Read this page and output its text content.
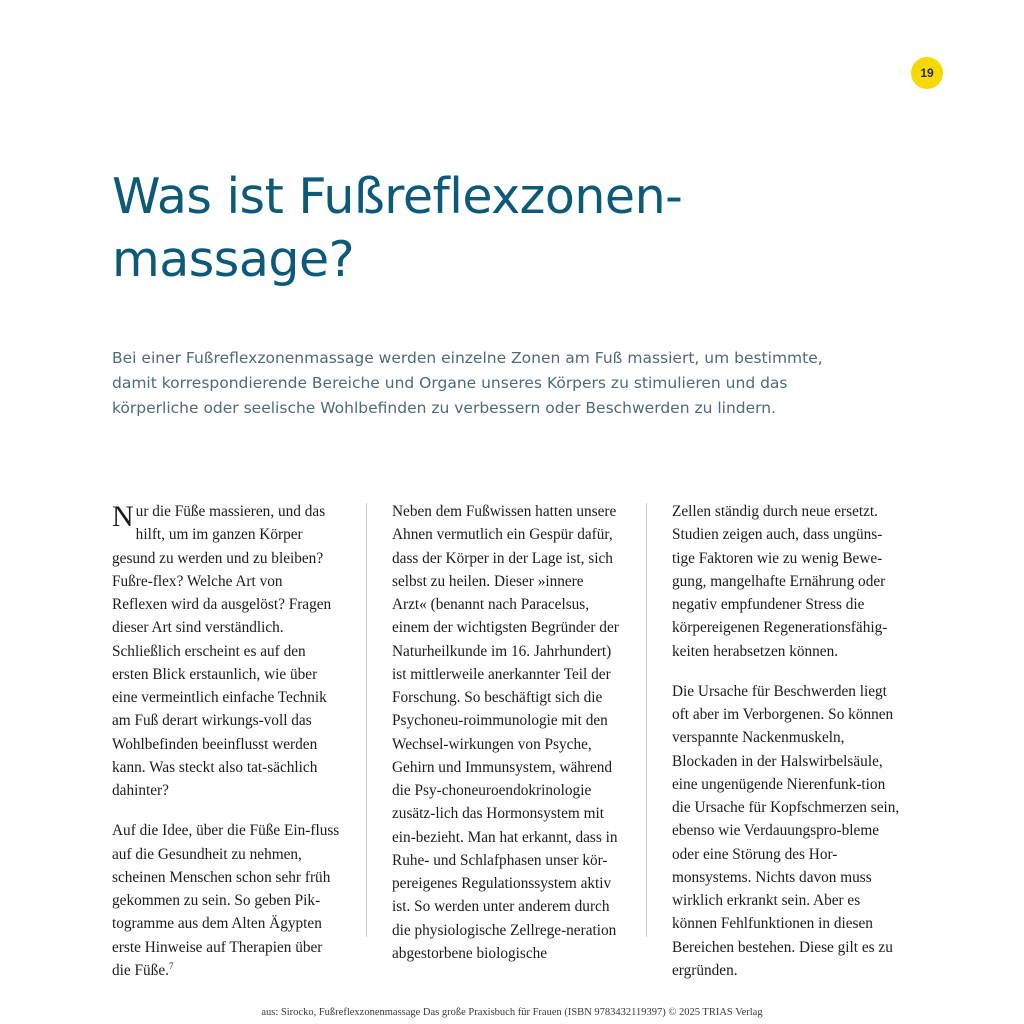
19
Was ist Fußreflexzonen-massage?

Bei einer Fußreflexzonenmassage werden einzelne Zonen am Fuß massiert, um bestimmte, damit korrespondierende Bereiche und Organe unseres Körpers zu stimulieren und das körperliche oder seelische Wohlbefinden zu verbessern oder Beschwerden zu lindern.

Nur die Füße massieren, und das hilft, um im ganzen Körper gesund zu werden und zu bleiben? Fußre-flex? Welche Art von Reflexen wird da ausgelöst? Fragen dieser Art sind verständlich. Schließlich erscheint es auf den ersten Blick erstaunlich, wie über eine vermeintlich einfache Technik am Fuß derart wirkungs-voll das Wohlbefinden beeinflusst werden kann. Was steckt also tat-sächlich dahinter?

Auf die Idee, über die Füße Ein-fluss auf die Gesundheit zu nehmen, scheinen Menschen schon sehr früh gekommen zu sein. So geben Pik-togramme aus dem Alten Ägypten erste Hinweise auf Therapien über die Füße.$^7$

Neben dem Fußwissen hatten unsere Ahnen vermutlich ein Gespür dafür, dass der Körper in der Lage ist, sich selbst zu heilen. Dieser »innere Arzt« (benannt nach Paracelsus, einem der wichtigsten Begründer der Naturheilkunde im 16. Jahrhundert) ist mittlerweile anerkannter Teil der Forschung. So beschäftigt sich die Psychoneu-roimmunologie mit den Wechsel-wirkungen von Psyche, Gehirn und Immunsystem, während die Psy-choneuroendokrinologie zusätz-lich das Hormonsystem mit ein-bezieht. Man hat erkannt, dass in Ruhe- und Schlafphasen unser kör-pereigenes Regulationssystem aktiv ist. So werden unter anderem durch die physiologische Zellrege-neration abgestorbene biologische

Zellen ständig durch neue ersetzt. Studien zeigen auch, dass ungüns-tige Faktoren wie zu wenig Bewe-gung, mangelhafte Ernährung oder negativ empfundener Stress die körpereigenen Regenerationsfähig-keiten herabsetzen können.

Die Ursache für Beschwerden liegt oft aber im Verborgenen. So können verspannte Nackenmuskeln, Blockaden in der Halswirbelsäule, eine ungenügende Nierenfunk-tion die Ursache für Kopfschmerzen sein, ebenso wie Verdauungspro-bleme oder eine Störung des Hor-monsystems. Nichts davon muss wirklich erkrankt sein. Aber es können Fehlfunktionen in diesen Bereichen bestehen. Diese gilt es zu ergründen.

aus: Sirocko, Fußreflexzonenmassage Das große Praxisbuch für Frauen (ISBN 9783432119397) © 2025 TRIAS Verlag
